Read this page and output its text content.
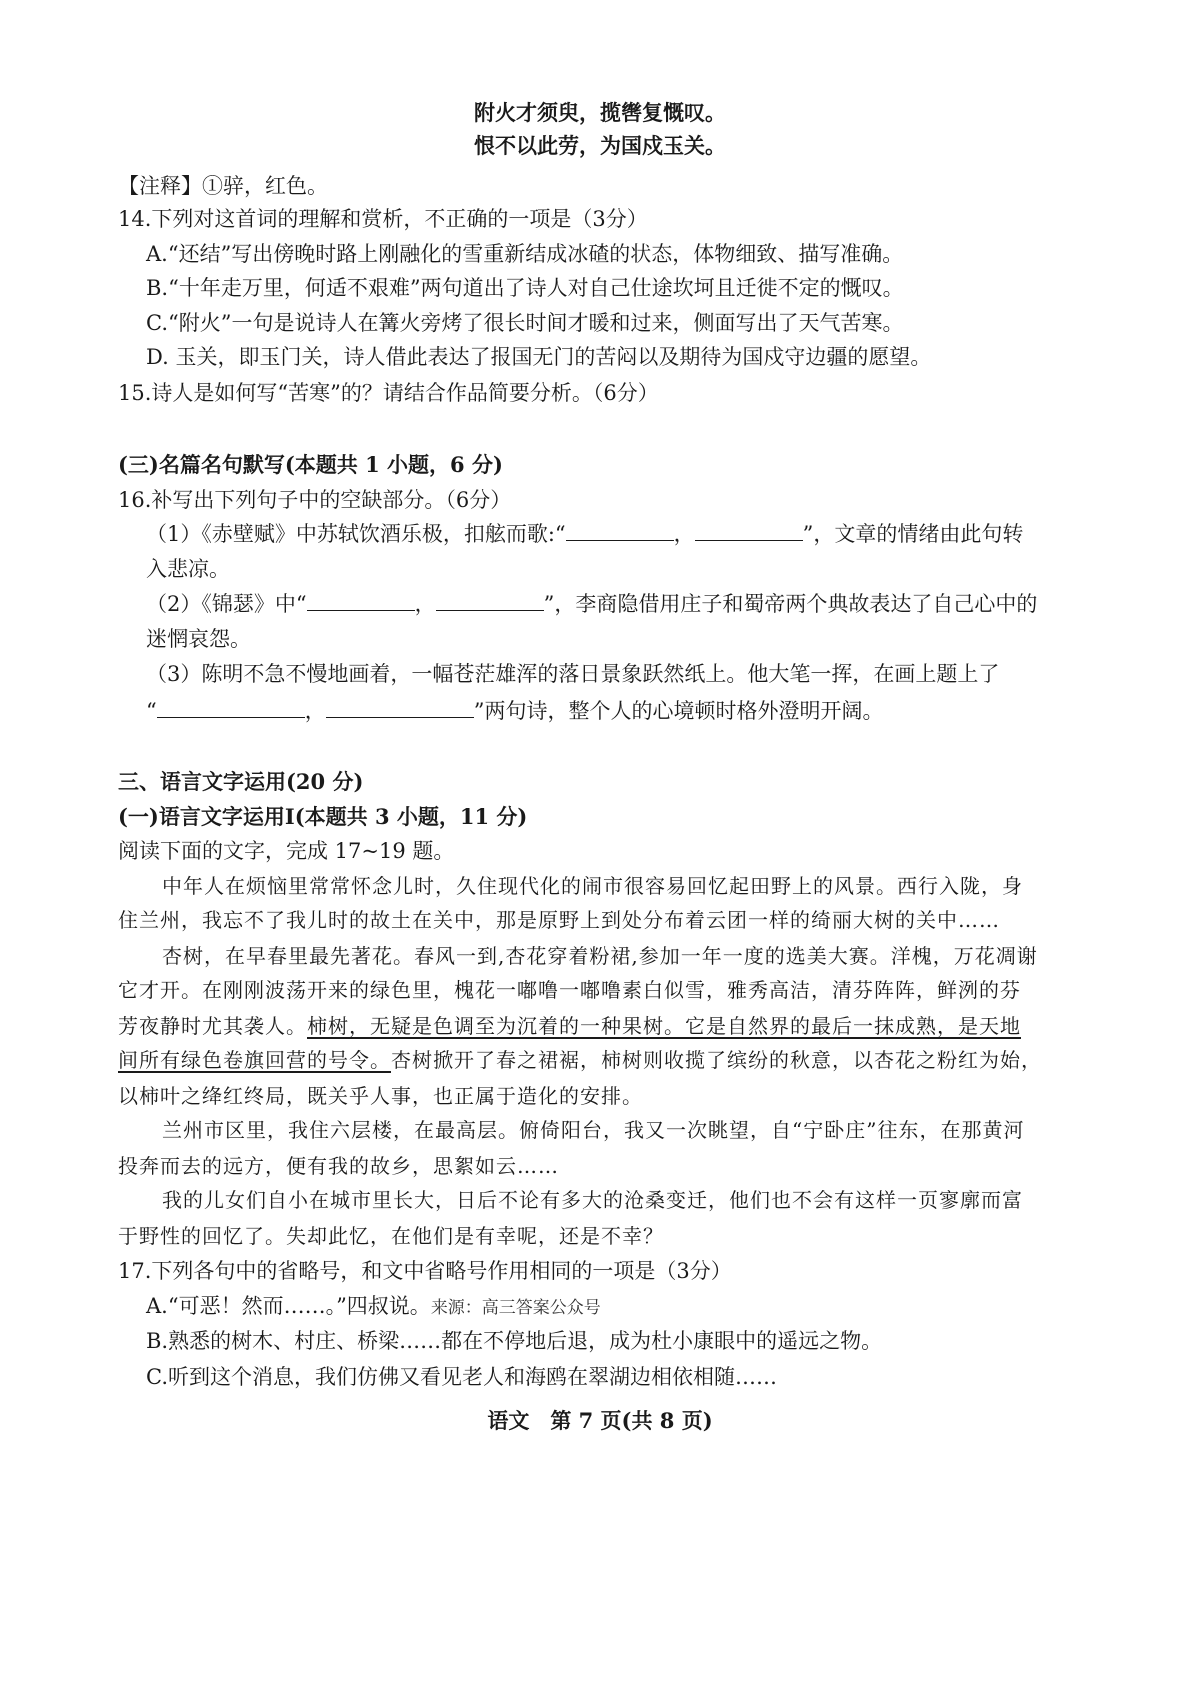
附火才须臾，揽辔复慨叹。
恨不以此劳，为国戍玉关。
【注释】①骍，红色。
14.下列对这首词的理解和赏析，不正确的一项是（3分）
A.“还结”写出傍晚时路上刚融化的雪重新结成冰碴的状态，体物细致、描写准确。
B.“十年走万里，何适不艰难”两句道出了诗人对自己仕途坎坷且迁徙不定的慨叹。
C.“附火”一句是说诗人在篝火旁烤了很长时间才暖和过来，侧面写出了天气苦寒。
D. 玉关，即玉门关，诗人借此表达了报国无门的苦闷以及期待为国戍守边疆的愿望。
15.诗人是如何写“苦寒”的？请结合作品简要分析。（6分）
(三)名篇名句默写(本题共 1 小题，6 分)
16.补写出下列句子中的空缺部分。（6分）
（1）《赤壁赋》中苏轼饮酒乐极，扣舷而歌:“	，	”，文章的情绪由此句转
入悲凉。
（2）《锦瑟》中“	，	”，李商隐借用庄子和蜀帝两个典故表达了自己心中的
迷惘哀怨。
（3）陈明不急不慢地画着，一幅苍茫雄浑的落日景象跃然纸上。他大笔一挥，在画上题上了
“	，	”两句诗，整个人的心境顿时格外澄明开阔。
三、语言文字运用(20 分)
(一)语言文字运用Ⅰ(本题共 3 小题，11 分)
阅读下面的文字，完成 17~19 题。
中年人在烦恼里常常怀念儿时，久住现代化的闹市很容易回忆起田野上的风景。西行入陇，身
住兰州，我忘不了我儿时的故土在关中，那是原野上到处分布着云团一样的绮丽大树的关中……
杏树，在早春里最先著花。春风一到,杏花穿着粉裙,参加一年一度的选美大赛。洋槐，万花凋谢
它才开。在刚刚波荡开来的绿色里，槐花一嘟噜一嘟噜素白似雪，雅秀高洁，清芬阵阵，鲜洌的芬
芳夜静时尤其袭人。柿树，无疑是色调至为沉着的一种果树。它是自然界的最后一抹成熟，是天地
间所有绿色卷旗回营的号令。杏树掀开了春之裙裾，柿树则收揽了缤纷的秋意，以杏花之粉红为始，
以柿叶之绛红终局，既关乎人事，也正属于造化的安排。
兰州市区里，我住六层楼，在最高层。俯倚阳台，我又一次眺望，自“宁卧庄”往东，在那黄河
投奔而去的远方，便有我的故乡，思絮如云……
我的儿女们自小在城市里长大，日后不论有多大的沧桑变迁，他们也不会有这样一页寥廓而富
于野性的回忆了。失却此忆，在他们是有幸呢，还是不幸？
17.下列各句中的省略号，和文中省略号作用相同的一项是（3分）
A.“可恶！然而……。”四叔说。来源：高三答案公众号
B.熟悉的树木、村庄、桥梁……都在不停地后退，成为杜小康眼中的遥远之物。
C.听到这个消息，我们仿佛又看见老人和海鸥在翠湖边相依相随……
语文　第 7 页(共 8 页)
